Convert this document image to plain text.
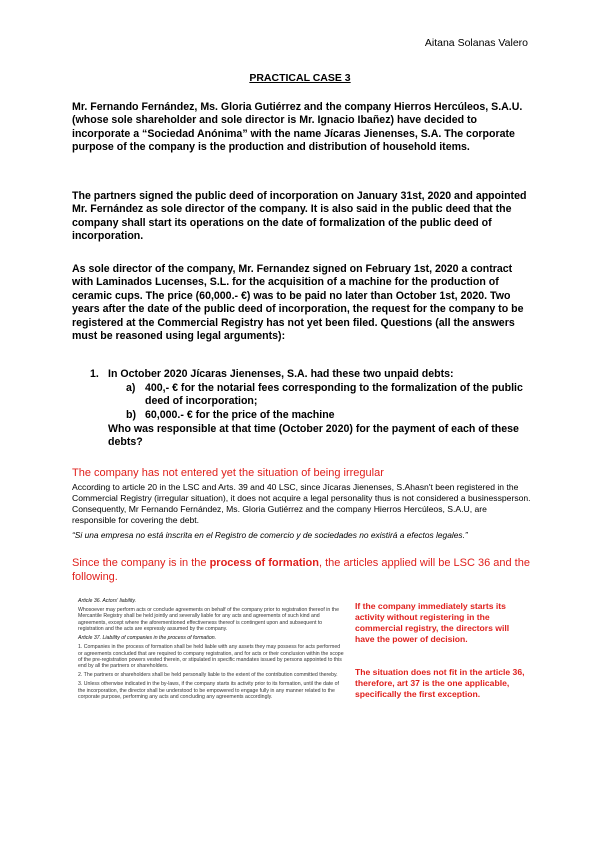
Aitana Solanas Valero
PRACTICAL CASE 3

Mr. Fernando Fernández, Ms. Gloria Gutiérrez and the company Hierros Hercúleos, S.A.U. (whose sole shareholder and sole director is Mr. Ignacio Ibañez) have decided to incorporate a “Sociedad Anónima” with the name Jícaras Jienenses, S.A. The corporate purpose of the company is the production and distribution of household items.

The partners signed the public deed of incorporation on January 31st, 2020 and appointed Mr. Fernández as sole director of the company. It is also said in the public deed that the company shall start its operations on the date of formalization of the public deed of incorporation.

As sole director of the company, Mr. Fernandez signed on February 1st, 2020 a contract with Laminados Lucenses, S.L. for the acquisition of a machine for the production of ceramic cups. The price (60,000.- €) was to be paid no later than October 1st, 2020. Two years after the date of the public deed of incorporation, the request for the company to be registered at the Commercial Registry has not yet been filed. Questions (all the answers must be reasoned using legal arguments):

1. In October 2020 Jícaras Jienenses, S.A. had these two unpaid debts:
a) 400,- € for the notarial fees corresponding to the formalization of the public deed of incorporation;
b) 60,000.- € for the price of the machine
Who was responsible at that time (October 2020) for the payment of each of these debts?
The company has not entered yet the situation of being irregular
According to article 20 in the LSC and Arts. 39 and 40 LSC, since Jícaras Jienenses, S.Ahasn't been registered in the Commercial Registry (irregular situation), it does not acquire a legal personality thus is not considered a businessperson. Consequently, Mr Fernando Fernández, Ms. Gloria Gutiérrez and the company Hierros Hercúleos, S.A.U, are responsible for covering the debt.
“Si una empresa no está inscrita en el Registro de comercio y de sociedades no existirá a efectos legales.”
Since the company is in the process of formation, the articles applied will be LSC 36 and the following.

Article 36. Actors' liability.

Whosoever may perform acts or conclude agreements on behalf of the company prior to registration thereof in the Mercantile Registry shall be held jointly and severally liable for any acts and agreements of such kind and agreements, except where the aforementioned effectiveness thereof is contingent upon and subsequent to registration and the acts are expressly assumed by the company.

Article 37. Liability of companies in the process of formation.

1. Companies in the process of formation shall be held liable with any assets they may possess for acts performed or agreements concluded that are required to company registration, and for acts or their conclusion within the scope of the pre-registration powers vested therein, or stipulated in specific mandates issued by persons appointed to this end by all the partners or shareholders.

2. The partners or shareholders shall be held personally liable to the extent of the contribution committed thereby.

3. Unless otherwise indicated in the by-laws, if the company starts its activity prior to its formation, until the date of the incorporation, the director shall be understood to be empowered to engage fully in any manner related to the corporate purpose, performing any acts and concluding any agreements accordingly.

If the company immediately starts its activity without registering in the commercial registry, the directors will have the power of decision.
The situation does not fit in the article 36, therefore, art 37 is the one applicable, specifically the first exception.
